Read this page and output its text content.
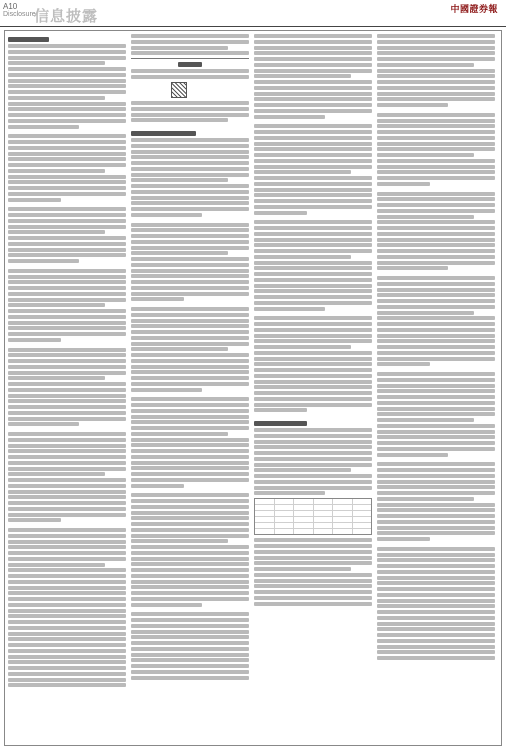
A10
Disclosure
信息披露	中國證券報
